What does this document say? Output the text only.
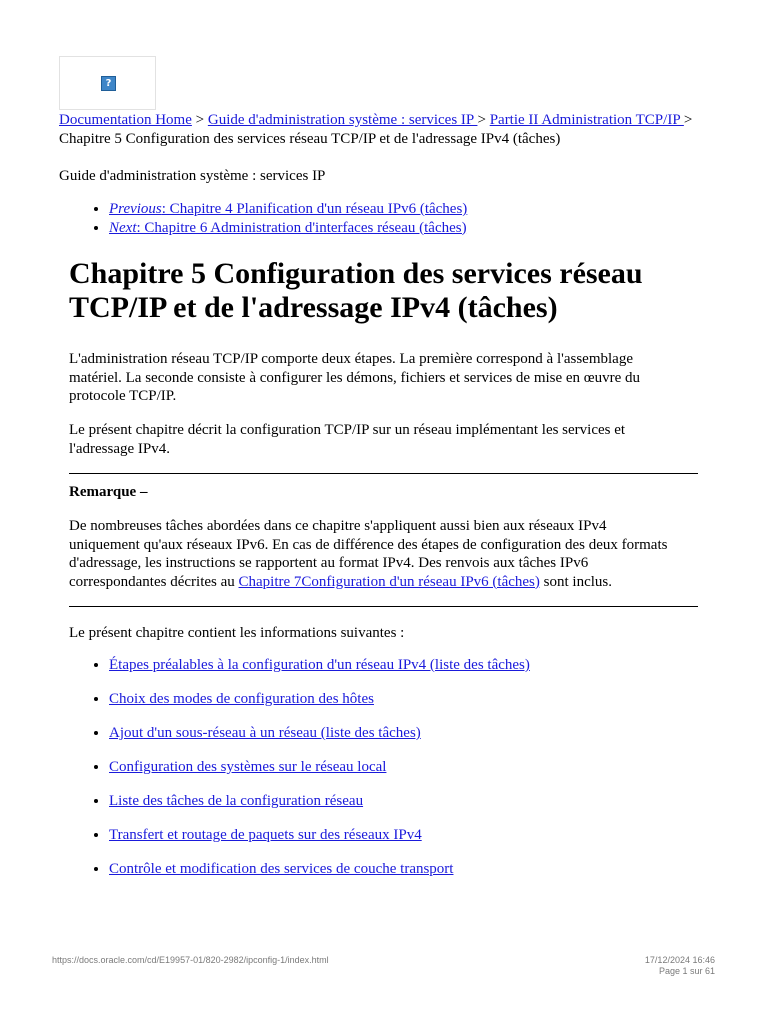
?
Documentation Home > Guide d'administration système : services IP > Partie II Administration TCP/IP > Chapitre 5 Configuration des services réseau TCP/IP et de l'adressage IPv4 (tâches)
Guide d'administration système : services IP
• Previous: Chapitre 4 Planification d'un réseau IPv6 (tâches)
• Next: Chapitre 6 Administration d'interfaces réseau (tâches)
Chapitre 5 Configuration des services réseau TCP/IP et de l'adressage IPv4 (tâches)

L'administration réseau TCP/IP comporte deux étapes. La première correspond à l'assemblage matériel. La seconde consiste à configurer les démons, fichiers et services de mise en œuvre du protocole TCP/IP.

Le présent chapitre décrit la configuration TCP/IP sur un réseau implémentant les services et l'adressage IPv4.

Remarque –

De nombreuses tâches abordées dans ce chapitre s'appliquent aussi bien aux réseaux IPv4 uniquement qu'aux réseaux IPv6. En cas de différence des étapes de configuration des deux formats d'adressage, les instructions se rapportent au format IPv4. Des renvois aux tâches IPv6 correspondantes décrites au Chapitre 7Configuration d'un réseau IPv6 (tâches) sont inclus.

Le présent chapitre contient les informations suivantes :
• Étapes préalables à la configuration d'un réseau IPv4 (liste des tâches)
• Choix des modes de configuration des hôtes
• Ajout d'un sous-réseau à un réseau (liste des tâches)
• Configuration des systèmes sur le réseau local
• Liste des tâches de la configuration réseau
• Transfert et routage de paquets sur des réseaux IPv4
• Contrôle et modification des services de couche transport
https://docs.oracle.com/cd/E19957-01/820-2982/ipconfig-1/index.html	17/12/2024 16:46
Page 1 sur 61
